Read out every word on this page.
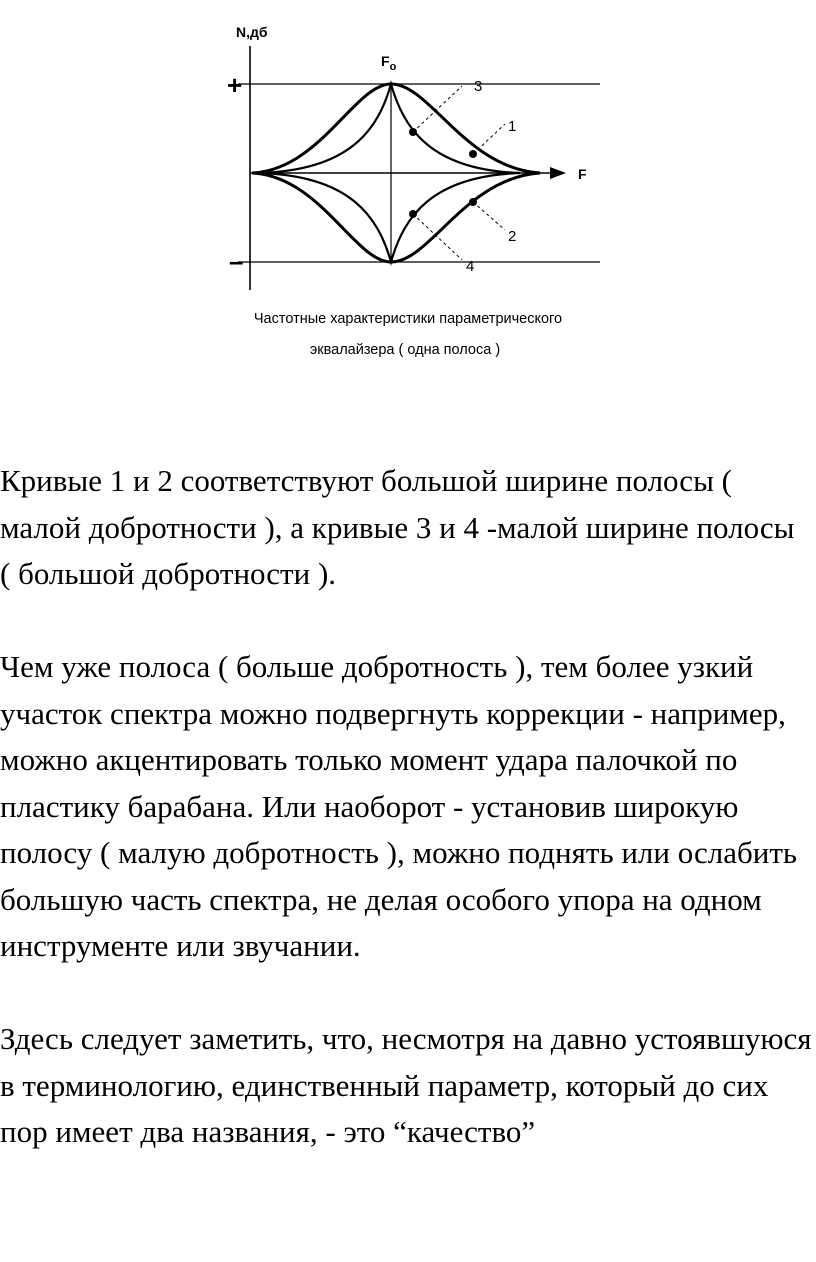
N,дб
$F_o$
F
+
–
1
2
3
4
Частотные характеристики параметрического
эквалайзера ( одна полоса )

Кривые 1 и 2 соответствуют большой ширине полосы ( малой добротности ), а кривые 3 и 4 -малой ширине полосы ( большой добротности ).

Чем уже полоса ( больше добротность ), тем более узкий участок спектра можно подвергнуть коррекции - например, можно акцентировать только момент удара палочкой по пластику барабана. Или наоборот - установив широкую полосу ( малую добротность ), можно поднять или ослабить большую часть спектра, не делая особого упора на одном инструменте или звучании.

Здесь следует заметить, что, несмотря на давно устоявшуюся в терминологию, единственный параметр, который до сих пор имеет два названия, - это “качество”
